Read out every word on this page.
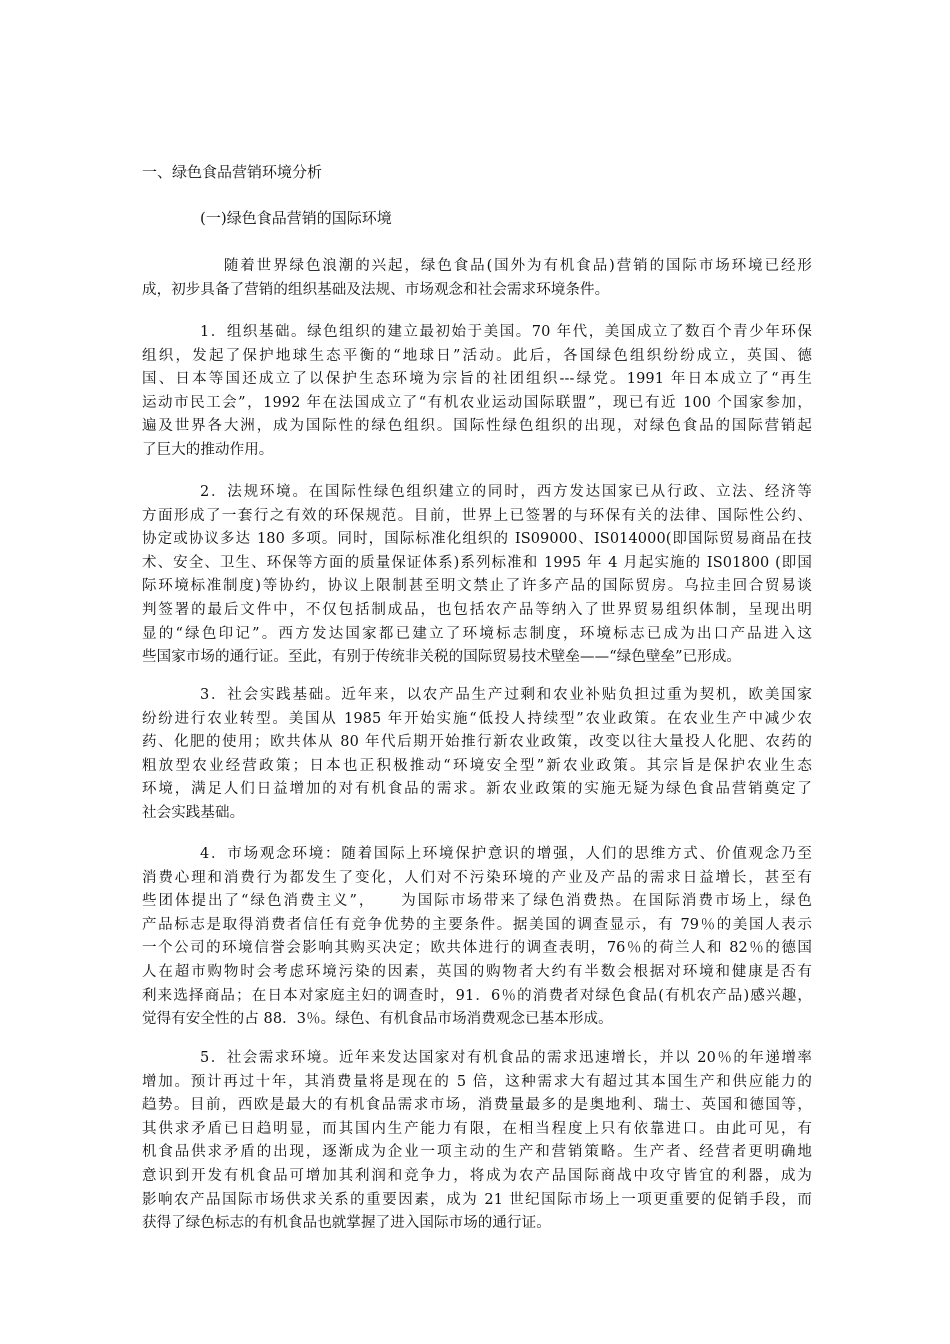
一、绿色食品营销环境分析
(一)绿色食品营销的国际环境

随着世界绿色浪潮的兴起，绿色食品(国外为有机食品)营销的国际市场环境已经形

成，初步具备了营销的组织基础及法规、市场观念和社会需求环境条件。

1．组织基础。绿色组织的建立最初始于美国。70 年代，美国成立了数百个青少年环保

组织，发起了保护地球生态平衡的“地球日”活动。此后，各国绿色组织纷纷成立，英国、德

国、日本等国还成立了以保护生态环境为宗旨的社团组织---绿党。1991 年日本成立了“再生

运动市民工会”，1992 年在法国成立了“有机农业运动国际联盟”，现已有近 100 个国家参加，

遍及世界各大洲，成为国际性的绿色组织。国际性绿色组织的出现，对绿色食品的国际营销起

了巨大的推动作用。

2．法规环境。在国际性绿色组织建立的同时，西方发达国家已从行政、立法、经济等

方面形成了一套行之有效的环保规范。目前，世界上已签署的与环保有关的法律、国际性公约、

协定或协议多达 180 多项。同时，国际标准化组织的 IS09000、IS014000(即国际贸易商品在技

术、安全、卫生、环保等方面的质量保证体系)系列标准和 1995 年 4 月起实施的 IS01800 (即国

际环境标准制度)等协约，协议上限制甚至明文禁止了许多产品的国际贸房。乌拉圭回合贸易谈

判签署的最后文件中，不仅包括制成品，也包括农产品等纳入了世界贸易组织体制，呈现出明

显的“绿色印记”。西方发达国家都已建立了环境标志制度，环境标志已成为出口产品进入这

些国家市场的通行证。至此，有别于传统非关税的国际贸易技术壁垒——“绿色壁垒”已形成。

3．社会实践基础。近年来，以农产品生产过剩和农业补贴负担过重为契机，欧美国家

纷纷进行农业转型。美国从 1985 年开始实施“低投人持续型”农业政策。在农业生产中减少农

药、化肥的使用；欧共体从 80 年代后期开始推行新农业政策，改变以往大量投人化肥、农药的

粗放型农业经营政策；日本也正积极推动“环境安全型”新农业政策。其宗旨是保护农业生态

环境，满足人们日益增加的对有机食品的需求。新农业政策的实施无疑为绿色食品营销奠定了

社会实践基础。

4．市场观念环境：随着国际上环境保护意识的增强，人们的思维方式、价值观念乃至

消费心理和消费行为都发生了变化，人们对不污染环境的产业及产品的需求日益增长，甚至有

些团体提出了“绿色消费主义”，　　为国际市场带来了绿色消费热。在国际消费市场上，绿色

产品标志是取得消费者信任有竞争优势的主要条件。据美国的调查显示，有 79％的美国人表示

一个公司的环境信誉会影响其购买决定；欧共体进行的调查表明，76％的荷兰人和 82％的德国

人在超市购物时会考虑环境污染的因素，英国的购物者大约有半数会根据对环境和健康是否有

利来选择商品；在日本对家庭主妇的调查时，91．6％的消费者对绿色食品(有机农产品)感兴趣，

觉得有安全性的占 88．3％。绿色、有机食品市场消费观念已基本形成。

5．社会需求环境。近年来发达国家对有机食品的需求迅速增长，并以 20％的年递增率

增加。预计再过十年，其消费量将是现在的 5 倍，这种需求大有超过其本国生产和供应能力的

趋势。目前，西欧是最大的有机食品需求市场，消费量最多的是奥地利、瑞士、英国和德国等，

其供求矛盾已日趋明显，而其国内生产能力有限，在相当程度上只有依靠进口。由此可见，有

机食品供求矛盾的出现，逐渐成为企业一项主动的生产和营销策略。生产者、经营者更明确地

意识到开发有机食品可增加其利润和竞争力，将成为农产品国际商战中攻守皆宜的利器，成为

影响农产品国际市场供求关系的重要因素，成为 21 世纪国际市场上一项更重要的促销手段，而

获得了绿色标志的有机食品也就掌握了进入国际市场的通行证。
